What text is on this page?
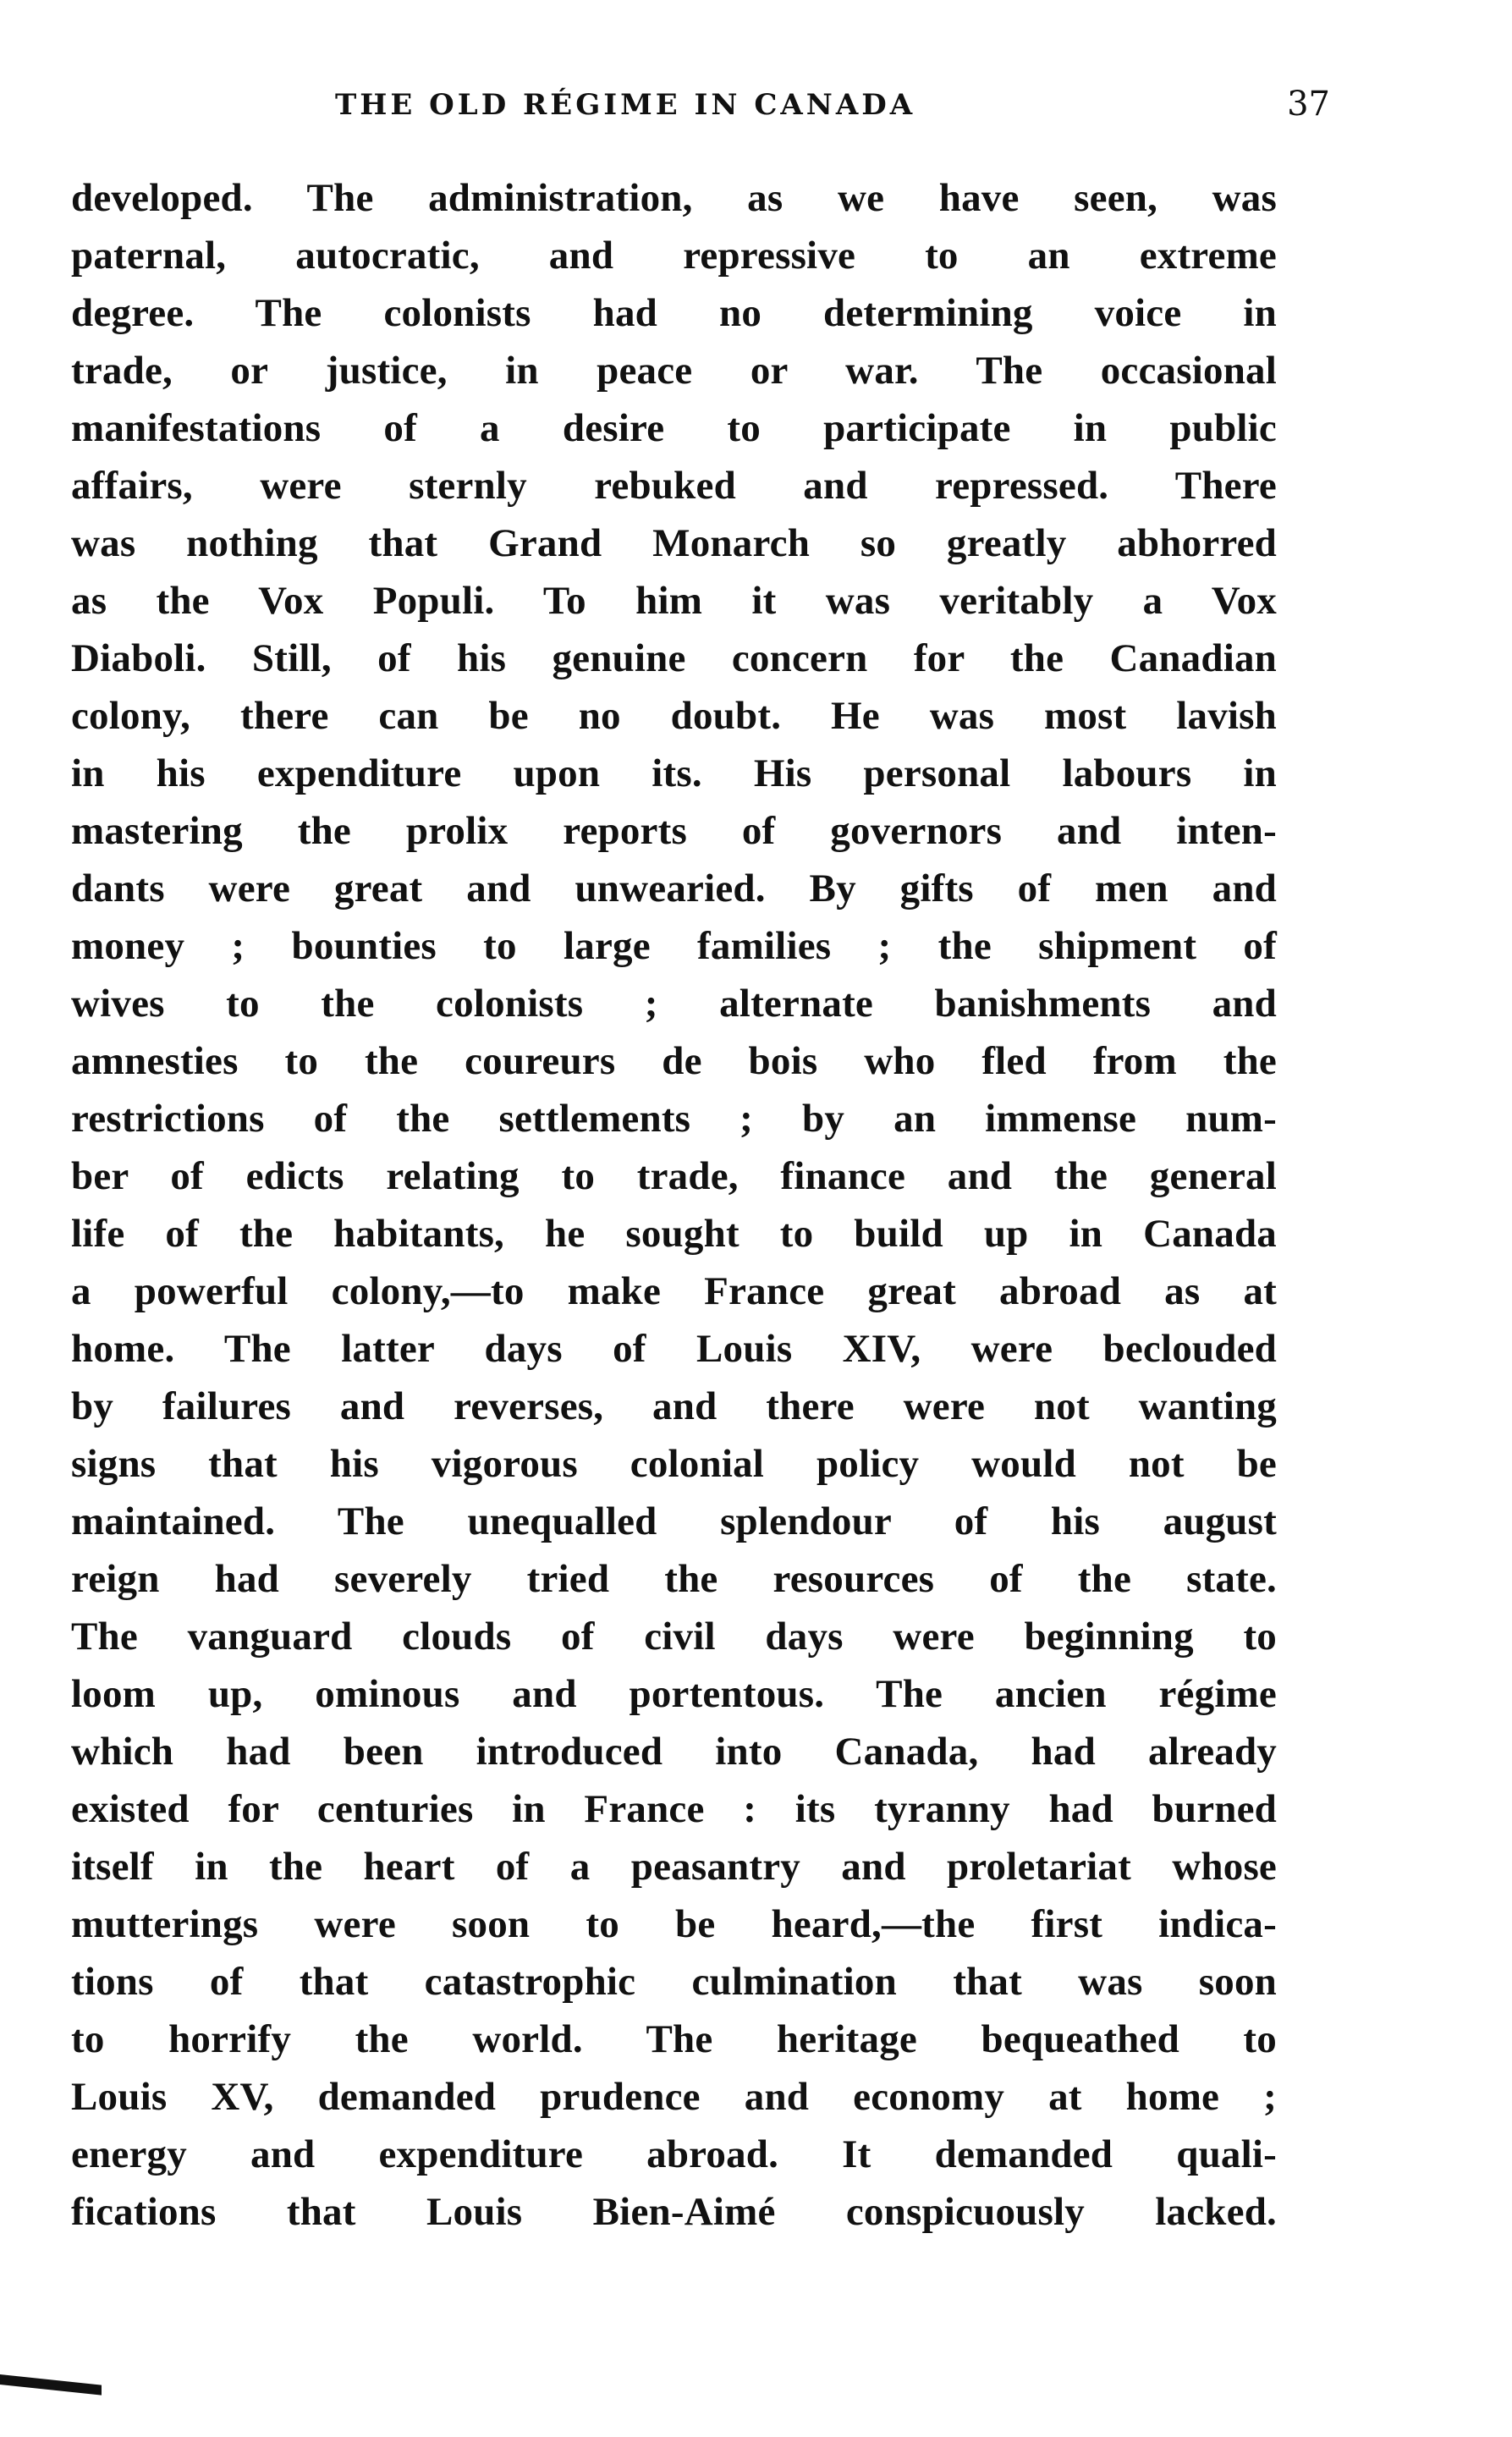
THE OLD RÉGIME IN CANADA	37
developed. The administration, as we have seen, was
paternal, autocratic, and repressive to an extreme
degree. The colonists had no determining voice in
trade, or justice, in peace or war. The occasional
manifestations of a desire to participate in public
affairs, were sternly rebuked and repressed. There
was nothing that Grand Monarch so greatly abhorred
as the Vox Populi. To him it was veritably a Vox
Diaboli. Still, of his genuine concern for the Canadian
colony, there can be no doubt. He was most lavish
in his expenditure upon its. His personal labours in
mastering the prolix reports of governors and inten-
dants were great and unwearied. By gifts of men and
money ; bounties to large families ; the shipment of
wives to the colonists ; alternate banishments and
amnesties to the coureurs de bois who fled from the
restrictions of the settlements ; by an immense num-
ber of edicts relating to trade, finance and the general
life of the habitants, he sought to build up in Canada
a powerful colony,—to make France great abroad as at
home. The latter days of Louis XIV, were beclouded
by failures and reverses, and there were not wanting
signs that his vigorous colonial policy would not be
maintained. The unequalled splendour of his august
reign had severely tried the resources of the state.
The vanguard clouds of civil days were beginning to
loom up, ominous and portentous. The ancien régime
which had been introduced into Canada, had already
existed for centuries in France : its tyranny had burned
itself in the heart of a peasantry and proletariat whose
mutterings were soon to be heard,—the first indica-
tions of that catastrophic culmination that was soon
to horrify the world. The heritage bequeathed to
Louis XV, demanded prudence and economy at home ;
energy and expenditure abroad. It demanded quali-
fications that Louis Bien-Aimé conspicuously lacked.
